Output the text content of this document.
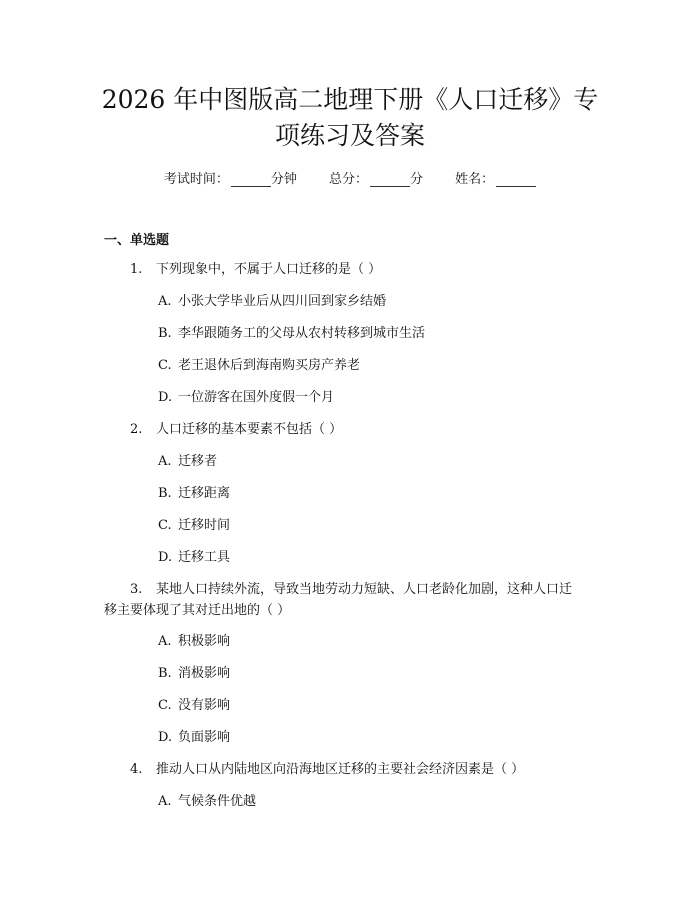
2026 年中图版高二地理下册《人口迁移》专
项练习及答案
考试时间：	分钟 总分：	分 姓名：
一、单选题
1. 下列现象中，不属于人口迁移的是（ ）
A. 小张大学毕业后从四川回到家乡结婚
B. 李华跟随务工的父母从农村转移到城市生活
C. 老王退休后到海南购买房产养老
D. 一位游客在国外度假一个月
2. 人口迁移的基本要素不包括（ ）
A. 迁移者
B. 迁移距离
C. 迁移时间
D. 迁移工具
3. 某地人口持续外流，导致当地劳动力短缺、人口老龄化加剧，这种人口迁
移主要体现了其对迁出地的（ ）
A. 积极影响
B. 消极影响
C. 没有影响
D. 负面影响
4. 推动人口从内陆地区向沿海地区迁移的主要社会经济因素是（ ）
A. 气候条件优越
